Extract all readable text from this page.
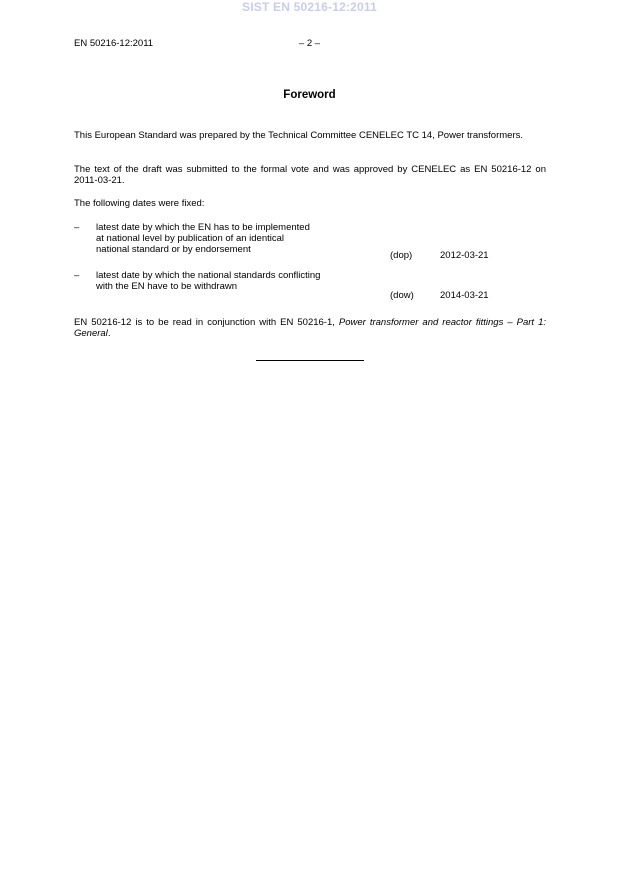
SIST EN 50216-12:2011
EN 50216-12:2011	– 2 –
Foreword
This European Standard was prepared by the Technical Committee CENELEC TC 14, Power transformers.
The text of the draft was submitted to the formal vote and was approved by CENELEC as EN 50216-12 on 2011-03-21.
The following dates were fixed:
– latest date by which the EN has to be implemented
at national level by publication of an identical
national standard or by endorsement
(dop)	2012-03-21
– latest date by which the national standards conflicting
with the EN have to be withdrawn
(dow)	2014-03-21
EN 50216-12 is to be read in conjunction with EN 50216-1, Power transformer and reactor fittings – Part 1: General.
